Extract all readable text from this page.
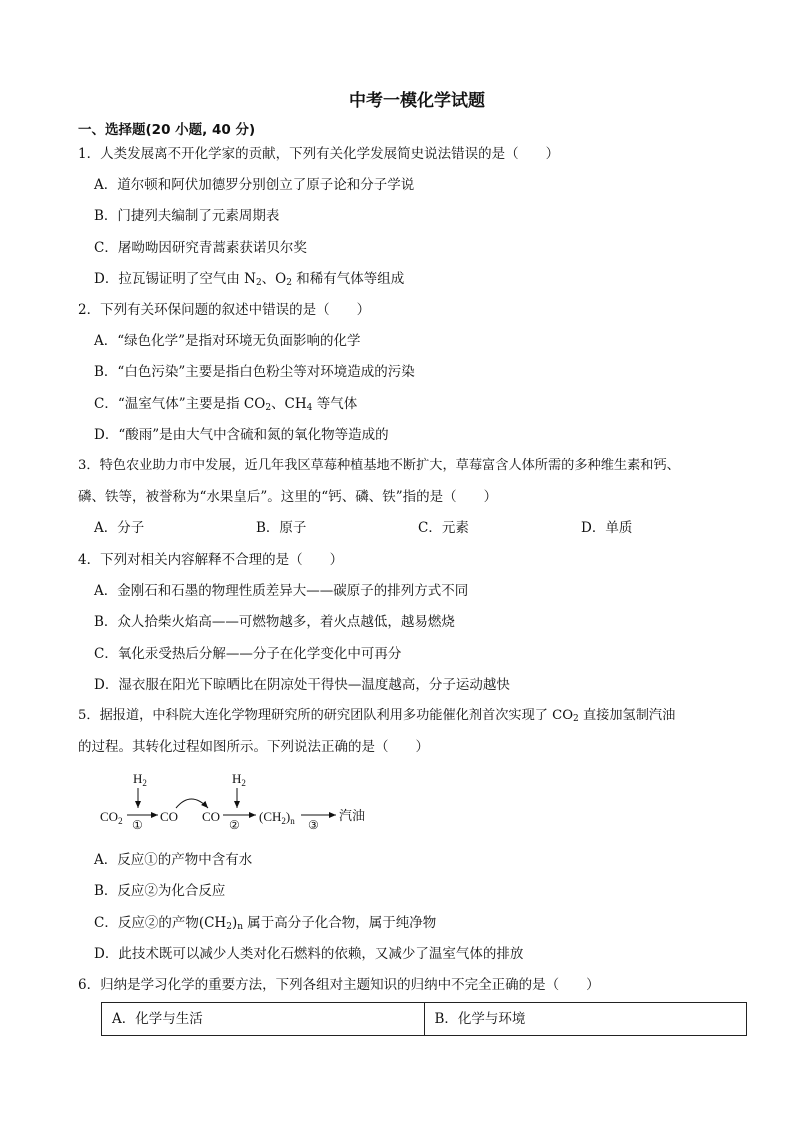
中考一模化学试题
一、选择题(20 小题, 40 分)
1．人类发展离不开化学家的贡献，下列有关化学发展简史说法错误的是（　　）
A．道尔顿和阿伏加德罗分别创立了原子论和分子学说
B．门捷列夫编制了元素周期表
C．屠呦呦因研究青蒿素获诺贝尔奖
D．拉瓦锡证明了空气由 $N_2$、$O_2$ 和稀有气体等组成
2．下列有关环保问题的叙述中错误的是（　　）
A．“绿色化学”是指对环境无负面影响的化学
B．“白色污染”主要是指白色粉尘等对环境造成的污染
C．“温室气体”主要是指 $CO_2$、$CH_4$ 等气体
D．“酸雨”是由大气中含硫和氮的氧化物等造成的
3．特色农业助力市中发展，近几年我区草莓种植基地不断扩大，草莓富含人体所需的多种维生素和钙、
磷、铁等，被誉称为“水果皇后”。这里的“钙、磷、铁”指的是（　　）
A．分子	B．原子	C．元素	D．单质
4．下列对相关内容解释不合理的是（　　）
A．金刚石和石墨的物理性质差异大——碳原子的排列方式不同
B．众人拾柴火焰高——可燃物越多，着火点越低，越易燃烧
C．氧化汞受热后分解——分子在化学变化中可再分
D．湿衣服在阳光下晾晒比在阴凉处干得快—温度越高，分子运动越快
5．据报道，中科院大连化学物理研究所的研究团队利用多功能催化剂首次实现了 $CO_2$ 直接加氢制汽油
的过程。其转化过程如图所示。下列说法正确的是（　　）
$H_2$
$CO_2$ ①
CO CO
$H_2$
②
$(CH_2)_n$ ③
汽油
A．反应①的产物中含有水
B．反应②为化合反应
C．反应②的产物$(CH_2)_n$ 属于高分子化合物，属于纯净物
D．此技术既可以减少人类对化石燃料的依赖，又减少了温室气体的排放
6．归纳是学习化学的重要方法，下列各组对主题知识的归纳中不完全正确的是（　　）
A．化学与生活	B．化学与环境
